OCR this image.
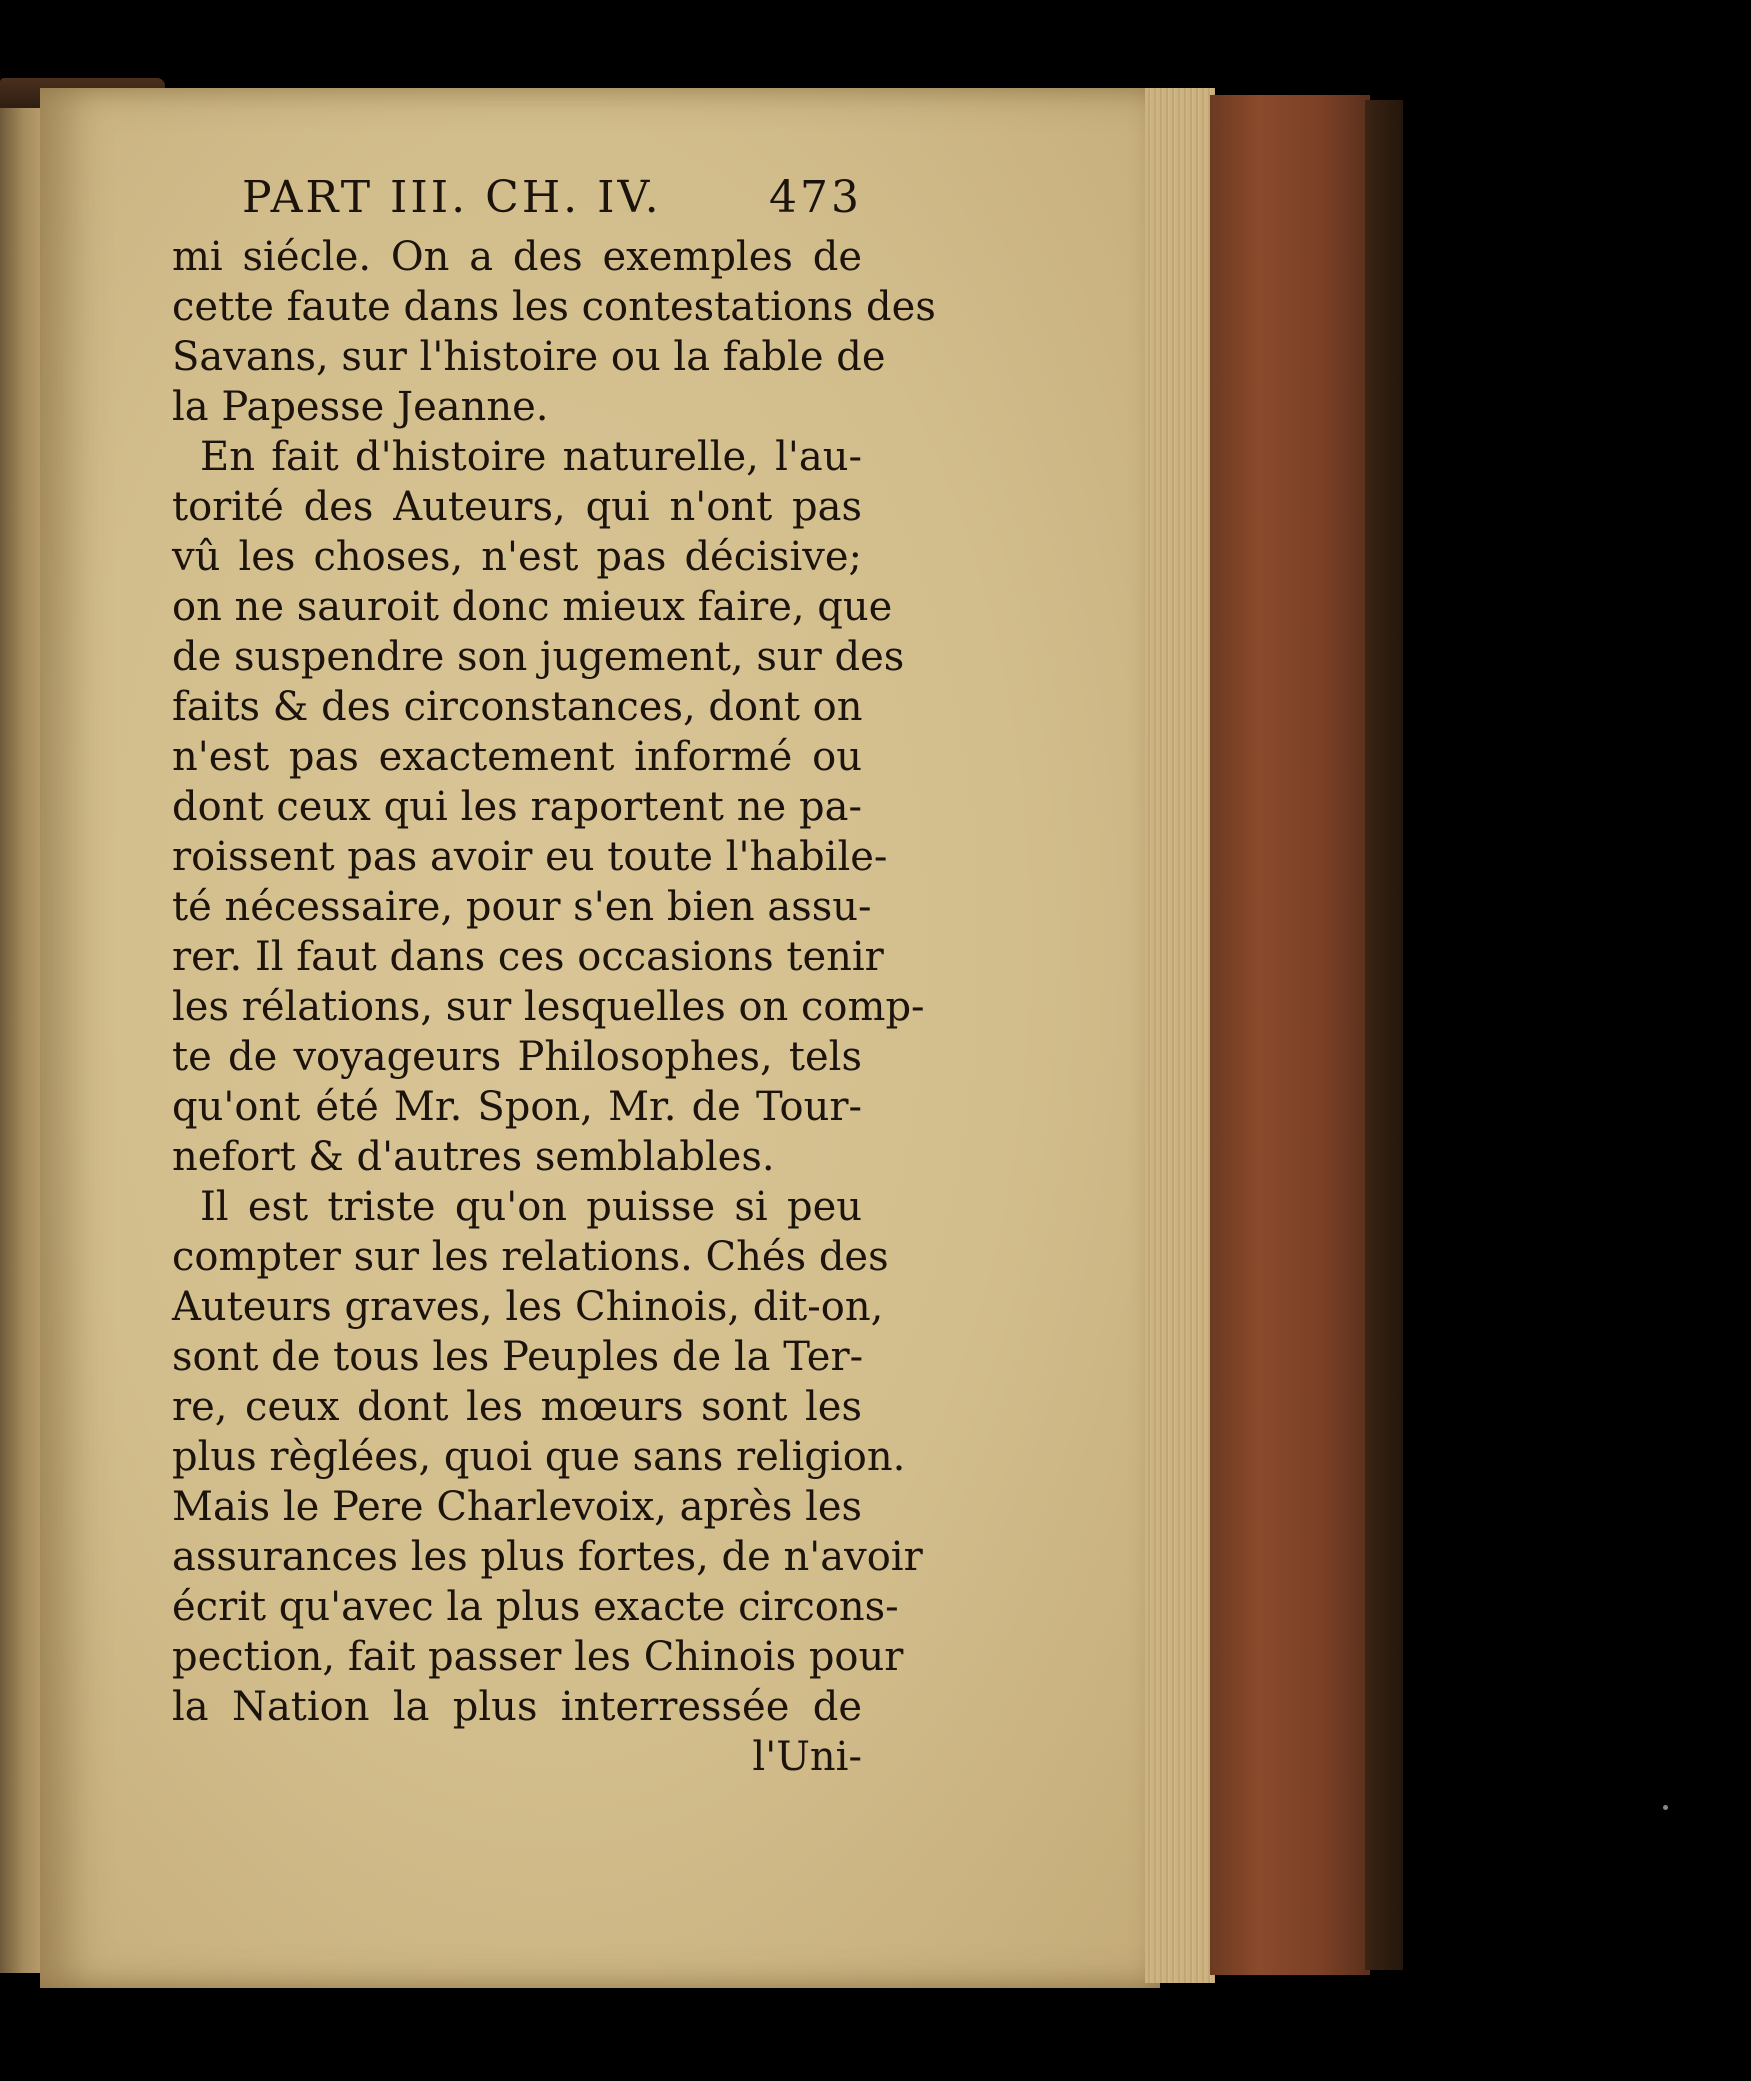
PART III. CH. IV. 473
mi siécle. On a des exemples de
cette faute dans les contestations des
Savans, sur l'histoire ou la fable de
la Papesse Jeanne.
En fait d'histoire naturelle, l'au-
torité des Auteurs, qui n'ont pas
vû les choses, n'est pas décisive;
on ne sauroit donc mieux faire, que
de suspendre son jugement, sur des
faits & des circonstances, dont on
n'est pas exactement informé ou
dont ceux qui les raportent ne pa-
roissent pas avoir eu toute l'habile-
té nécessaire, pour s'en bien assu-
rer. Il faut dans ces occasions tenir
les rélations, sur lesquelles on comp-
te de voyageurs Philosophes, tels
qu'ont été Mr. Spon, Mr. de Tour-
nefort & d'autres semblables.
Il est triste qu'on puisse si peu
compter sur les relations. Chés des
Auteurs graves, les Chinois, dit-on,
sont de tous les Peuples de la Ter-
re, ceux dont les mœurs sont les
plus règlées, quoi que sans religion.
Mais le Pere Charlevoix, après les
assurances les plus fortes, de n'avoir
écrit qu'avec la plus exacte circons-
pection, fait passer les Chinois pour
la Nation la plus interressée de
l'Uni-
